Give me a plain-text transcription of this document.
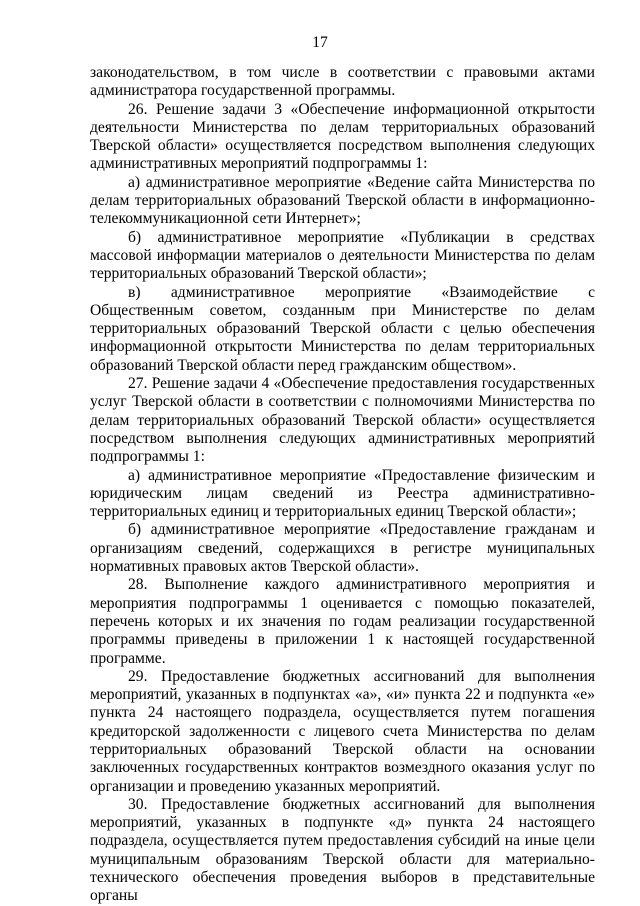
17

законодательством, в том числе в соответствии с правовыми актами администратора государственной программы.

26. Решение задачи 3 «Обеспечение информационной открытости деятельности Министерства по делам территориальных образований Тверской области» осуществляется посредством выполнения следующих административных мероприятий подпрограммы 1:

а) административное мероприятие «Ведение сайта Министерства по делам территориальных образований Тверской области в информационно-телекоммуникационной сети Интернет»;

б) административное мероприятие «Публикации в средствах массовой информации материалов о деятельности Министерства по делам территориальных образований Тверской области»;

в) административное мероприятие «Взаимодействие с Общественным советом, созданным при Министерстве по делам территориальных образований Тверской области с целью обеспечения информационной открытости Министерства по делам территориальных образований Тверской области перед гражданским обществом».

27. Решение задачи 4 «Обеспечение предоставления государственных услуг Тверской области в соответствии с полномочиями Министерства по делам территориальных образований Тверской области» осуществляется посредством выполнения следующих административных мероприятий подпрограммы 1:

а) административное мероприятие «Предоставление физическим и юридическим лицам сведений из Реестра административно-территориальных единиц и территориальных единиц Тверской области»;

б) административное мероприятие «Предоставление гражданам и организациям сведений, содержащихся в регистре муниципальных нормативных правовых актов Тверской области».

28. Выполнение каждого административного мероприятия и мероприятия подпрограммы 1 оценивается с помощью показателей, перечень которых и их значения по годам реализации государственной программы приведены в приложении 1 к настоящей государственной программе.

29. Предоставление бюджетных ассигнований для выполнения мероприятий, указанных в подпунктах «а», «и» пункта 22 и подпункта «е» пункта 24 настоящего подраздела, осуществляется путем погашения кредиторской задолженности с лицевого счета Министерства по делам территориальных образований Тверской области на основании заключенных государственных контрактов возмездного оказания услуг по организации и проведению указанных мероприятий.

30. Предоставление бюджетных ассигнований для выполнения мероприятий, указанных в подпункте «д» пункта 24 настоящего подраздела, осуществляется путем предоставления субсидий на иные цели муниципальным образованиям Тверской области для материально-технического обеспечения проведения выборов в представительные органы
